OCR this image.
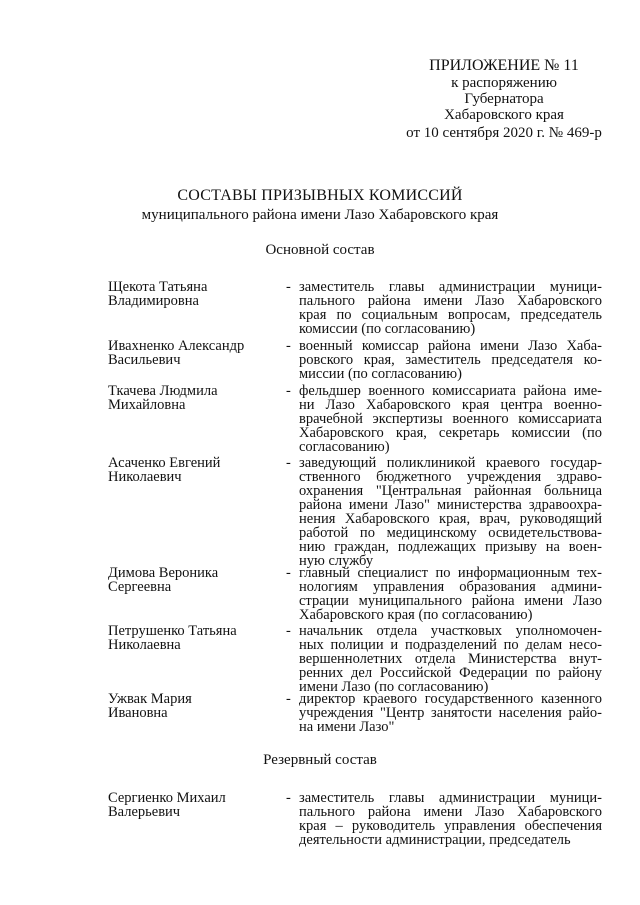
ПРИЛОЖЕНИЕ № 11
к распоряжению
Губернатора
Хабаровского края
от 10 сентября 2020 г. № 469-р
СОСТАВЫ ПРИЗЫВНЫХ КОМИССИЙ
муниципального района имени Лазо Хабаровского края
Основной состав
Щекота Татьяна
Владимировна
- заместитель главы администрации муници-
пального района имени Лазо Хабаровского
края по социальным вопросам, председатель
комиссии (по согласованию)
Ивахненко Александр
Васильевич
- военный комиссар района имени Лазо Хаба-
ровского края, заместитель председателя ко-
миссии (по согласованию)
Ткачева Людмила
Михайловна
- фельдшер военного комиссариата района име-
ни Лазо Хабаровского края центра военно-
врачебной экспертизы военного комиссариата
Хабаровского края, секретарь комиссии (по
согласованию)
Асаченко Евгений
Николаевич
- заведующий поликлиникой краевого государ-
ственного бюджетного учреждения здраво-
охранения "Центральная районная больница
района имени Лазо" министерства здравоохра-
нения Хабаровского края, врач, руководящий
работой по медицинскому освидетельствова-
нию граждан, подлежащих призыву на воен-
ную службу
Димова Вероника
Сергеевна
- главный специалист по информационным тех-
нологиям управления образования админи-
страции муниципального района имени Лазо
Хабаровского края (по согласованию)
Петрушенко Татьяна
Николаевна
- начальник отдела участковых уполномочен-
ных полиции и подразделений по делам несо-
вершеннолетних отдела Министерства внут-
ренних дел Российской Федерации по району
имени Лазо (по согласованию)
Ужвак Мария
Ивановна
- директор краевого государственного казенного
учреждения "Центр занятости населения райо-
на имени Лазо"
Резервный состав
Сергиенко Михаил
Валерьевич
- заместитель главы администрации муници-
пального района имени Лазо Хабаровского
края – руководитель управления обеспечения
деятельности администрации, председатель
